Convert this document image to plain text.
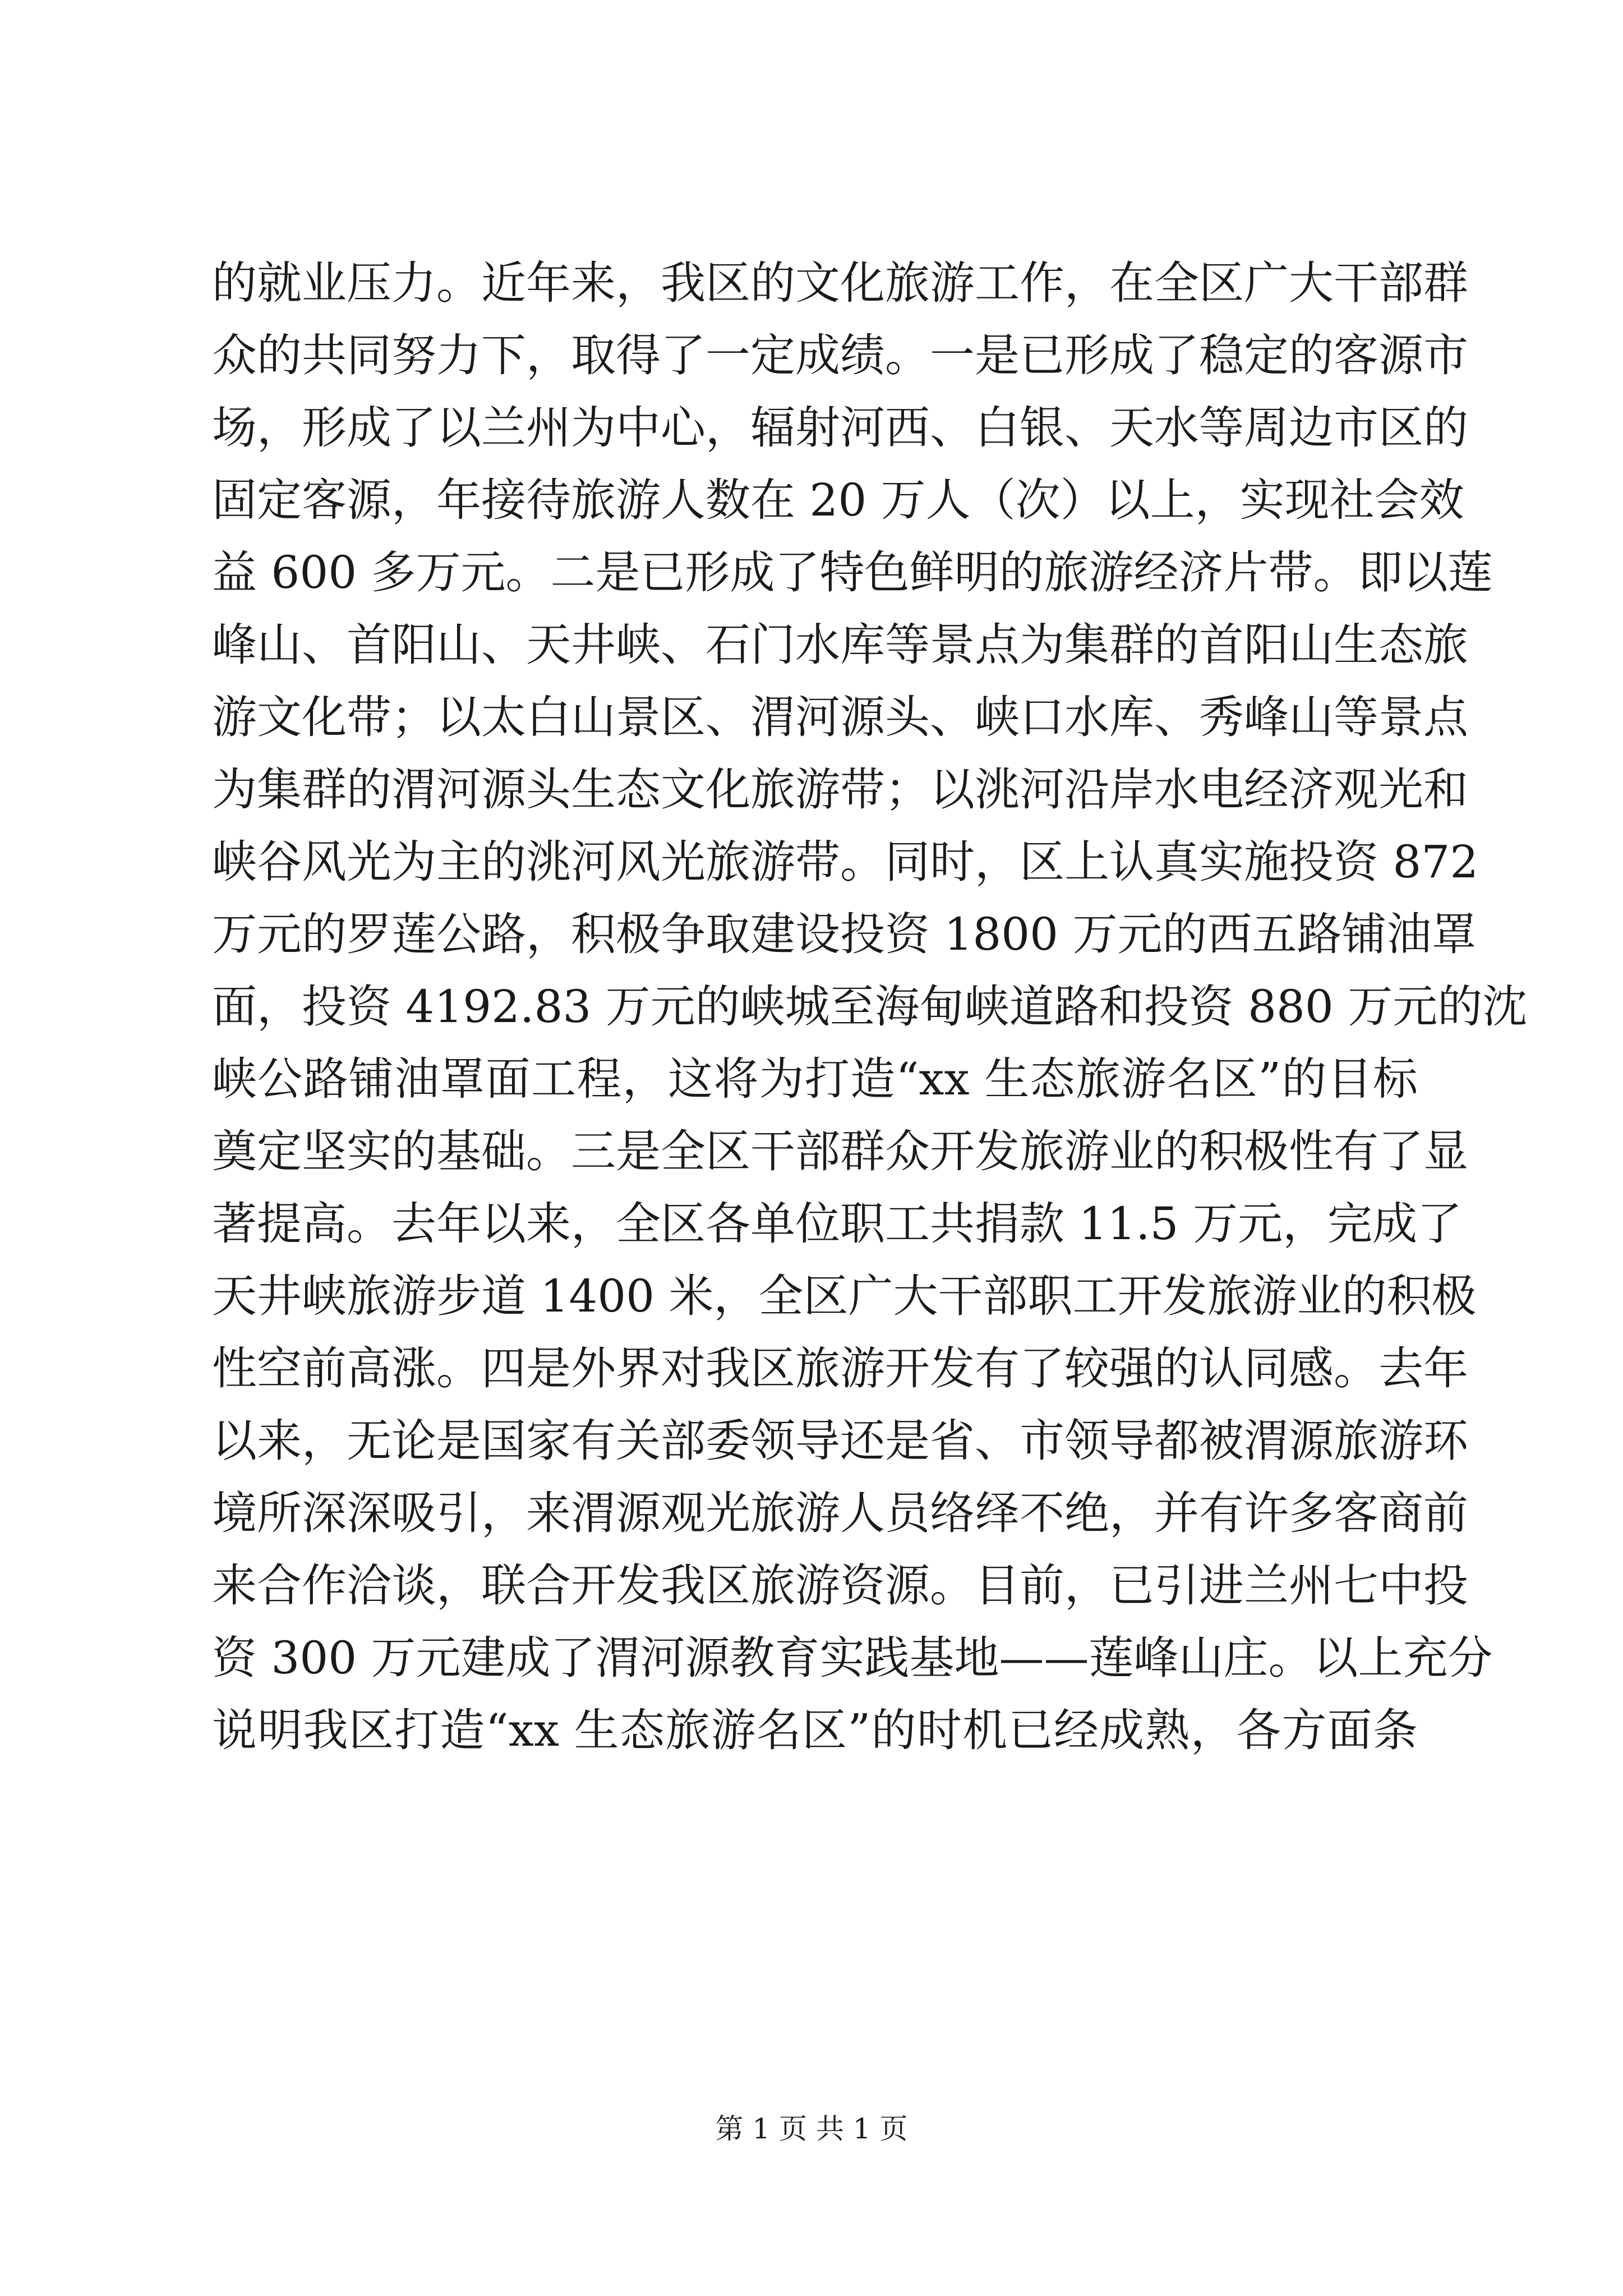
的就业压力。近年来，我区的文化旅游工作，在全区广大干部群
众的共同努力下，取得了一定成绩。一是已形成了稳定的客源市
场，形成了以兰州为中心，辐射河西、白银、天水等周边市区的
固定客源，年接待旅游人数在 20 万人（次）以上，实现社会效
益 600 多万元。二是已形成了特色鲜明的旅游经济片带。即以莲
峰山、首阳山、天井峡、石门水库等景点为集群的首阳山生态旅
游文化带；以太白山景区、渭河源头、峡口水库、秀峰山等景点
为集群的渭河源头生态文化旅游带；以洮河沿岸水电经济观光和
峡谷风光为主的洮河风光旅游带。同时，区上认真实施投资 872
万元的罗莲公路，积极争取建设投资 1800 万元的西五路铺油罩
面，投资 4192.83 万元的峡城至海甸峡道路和投资 880 万元的沈
峡公路铺油罩面工程，这将为打造“xx 生态旅游名区”的目标
奠定坚实的基础。三是全区干部群众开发旅游业的积极性有了显
著提高。去年以来，全区各单位职工共捐款 11.5 万元，完成了
天井峡旅游步道 1400 米，全区广大干部职工开发旅游业的积极
性空前高涨。四是外界对我区旅游开发有了较强的认同感。去年
以来，无论是国家有关部委领导还是省、市领导都被渭源旅游环
境所深深吸引，来渭源观光旅游人员络绎不绝，并有许多客商前
来合作洽谈，联合开发我区旅游资源。目前，已引进兰州七中投
资 300 万元建成了渭河源教育实践基地——莲峰山庄。以上充分
说明我区打造“xx 生态旅游名区”的时机已经成熟，各方面条
第 1 页 共 1 页
